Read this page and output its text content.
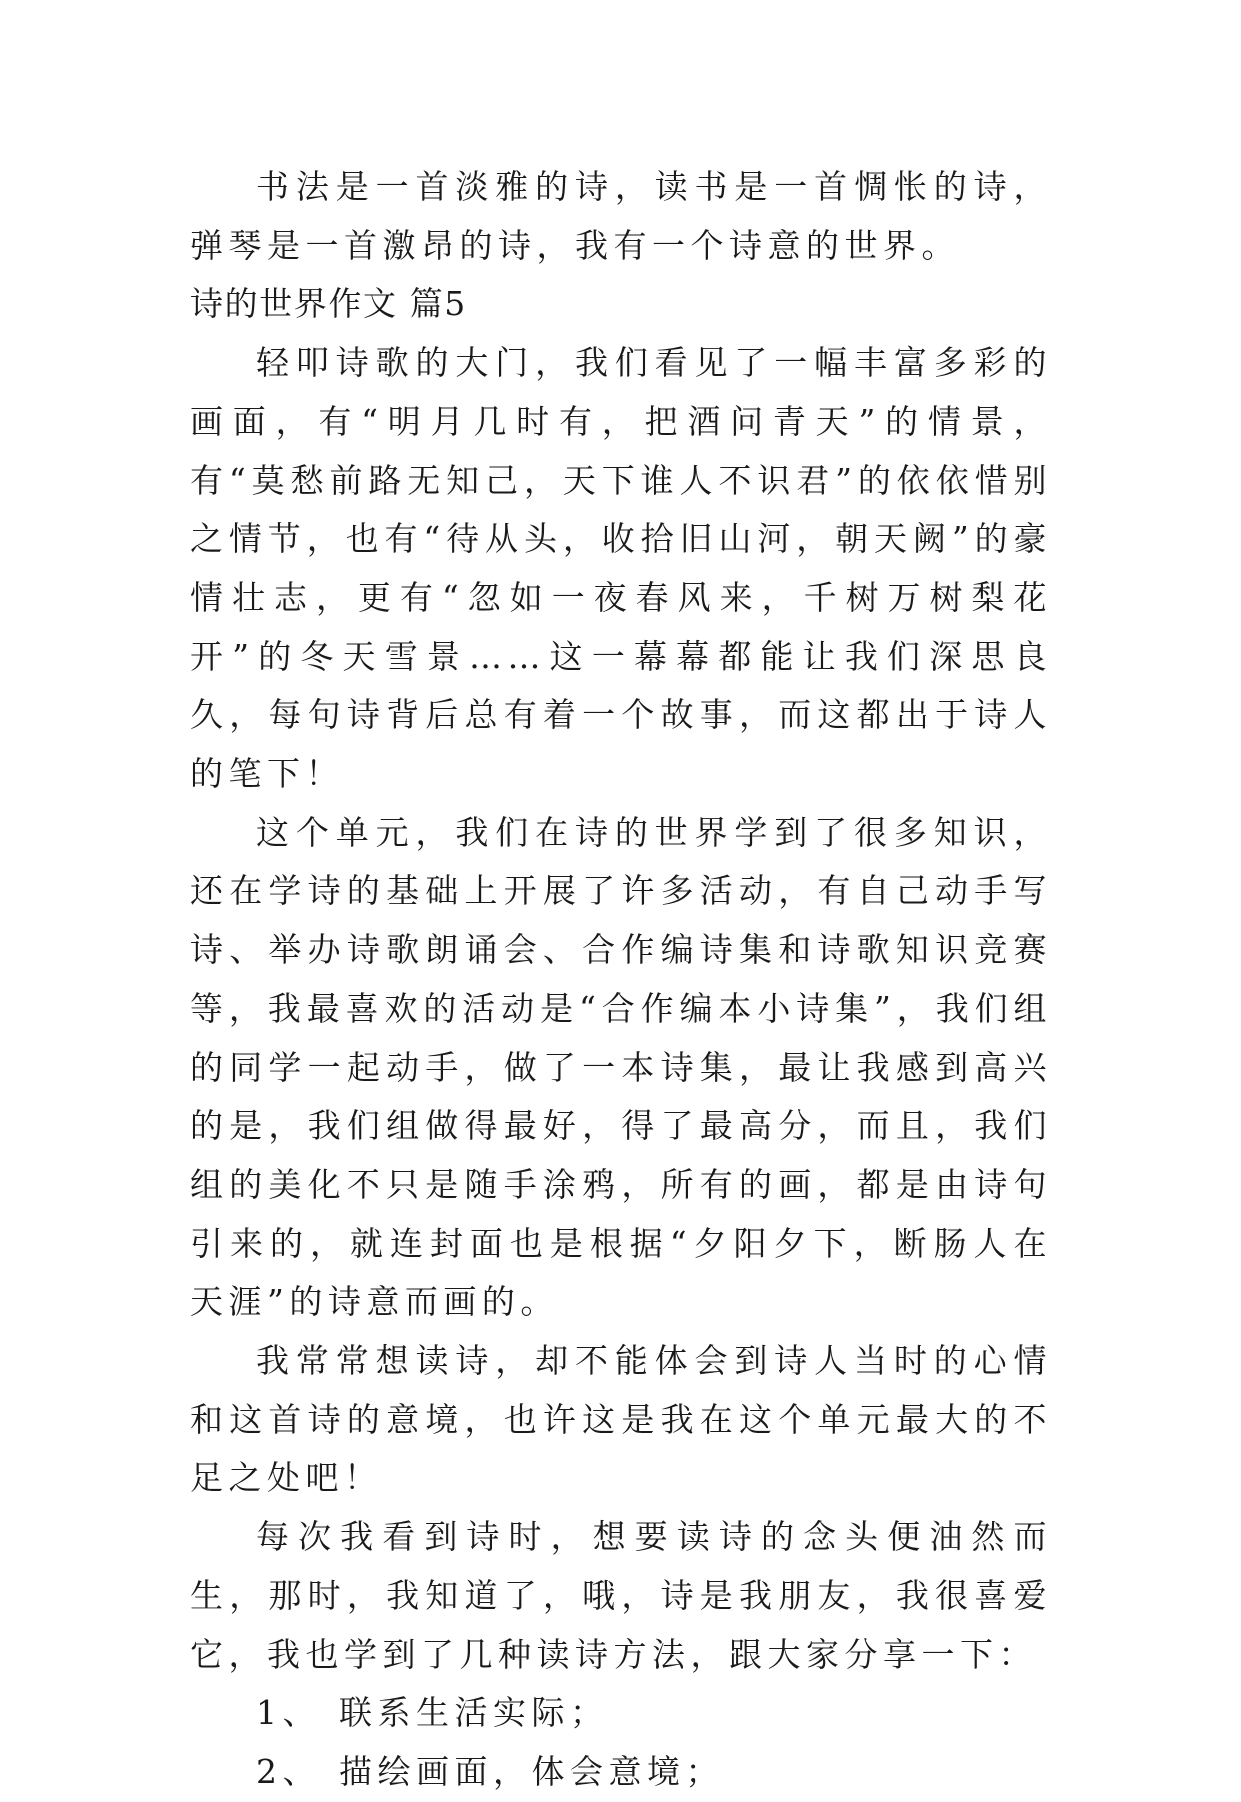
书法是一首淡雅的诗，读书是一首惆怅的诗，弹琴是一首激昂的诗，我有一个诗意的世界。

诗的世界作文 篇5

轻叩诗歌的大门，我们看见了一幅丰富多彩的画面，有“明月几时有，把酒问青天”的情景，有“莫愁前路无知己，天下谁人不识君”的依依惜别之情节，也有“待从头，收拾旧山河，朝天阙”的豪情壮志，更有“忽如一夜春风来，千树万树梨花开”的冬天雪景……这一幕幕都能让我们深思良久，每句诗背后总有着一个故事，而这都出于诗人的笔下！

这个单元，我们在诗的世界学到了很多知识，还在学诗的基础上开展了许多活动，有自己动手写诗、举办诗歌朗诵会、合作编诗集和诗歌知识竞赛等，我最喜欢的活动是“合作编本小诗集”，我们组的同学一起动手，做了一本诗集，最让我感到高兴的是，我们组做得最好，得了最高分，而且，我们组的美化不只是随手涂鸦，所有的画，都是由诗句引来的，就连封面也是根据“夕阳夕下，断肠人在天涯”的诗意而画的。

我常常想读诗，却不能体会到诗人当时的心情和这首诗的意境，也许这是我在这个单元最大的不足之处吧！

每次我看到诗时，想要读诗的念头便油然而生，那时，我知道了，哦，诗是我朋友，我很喜爱它，我也学到了几种读诗方法，跟大家分享一下：

1、 联系生活实际；

2、 描绘画面，体会意境；
